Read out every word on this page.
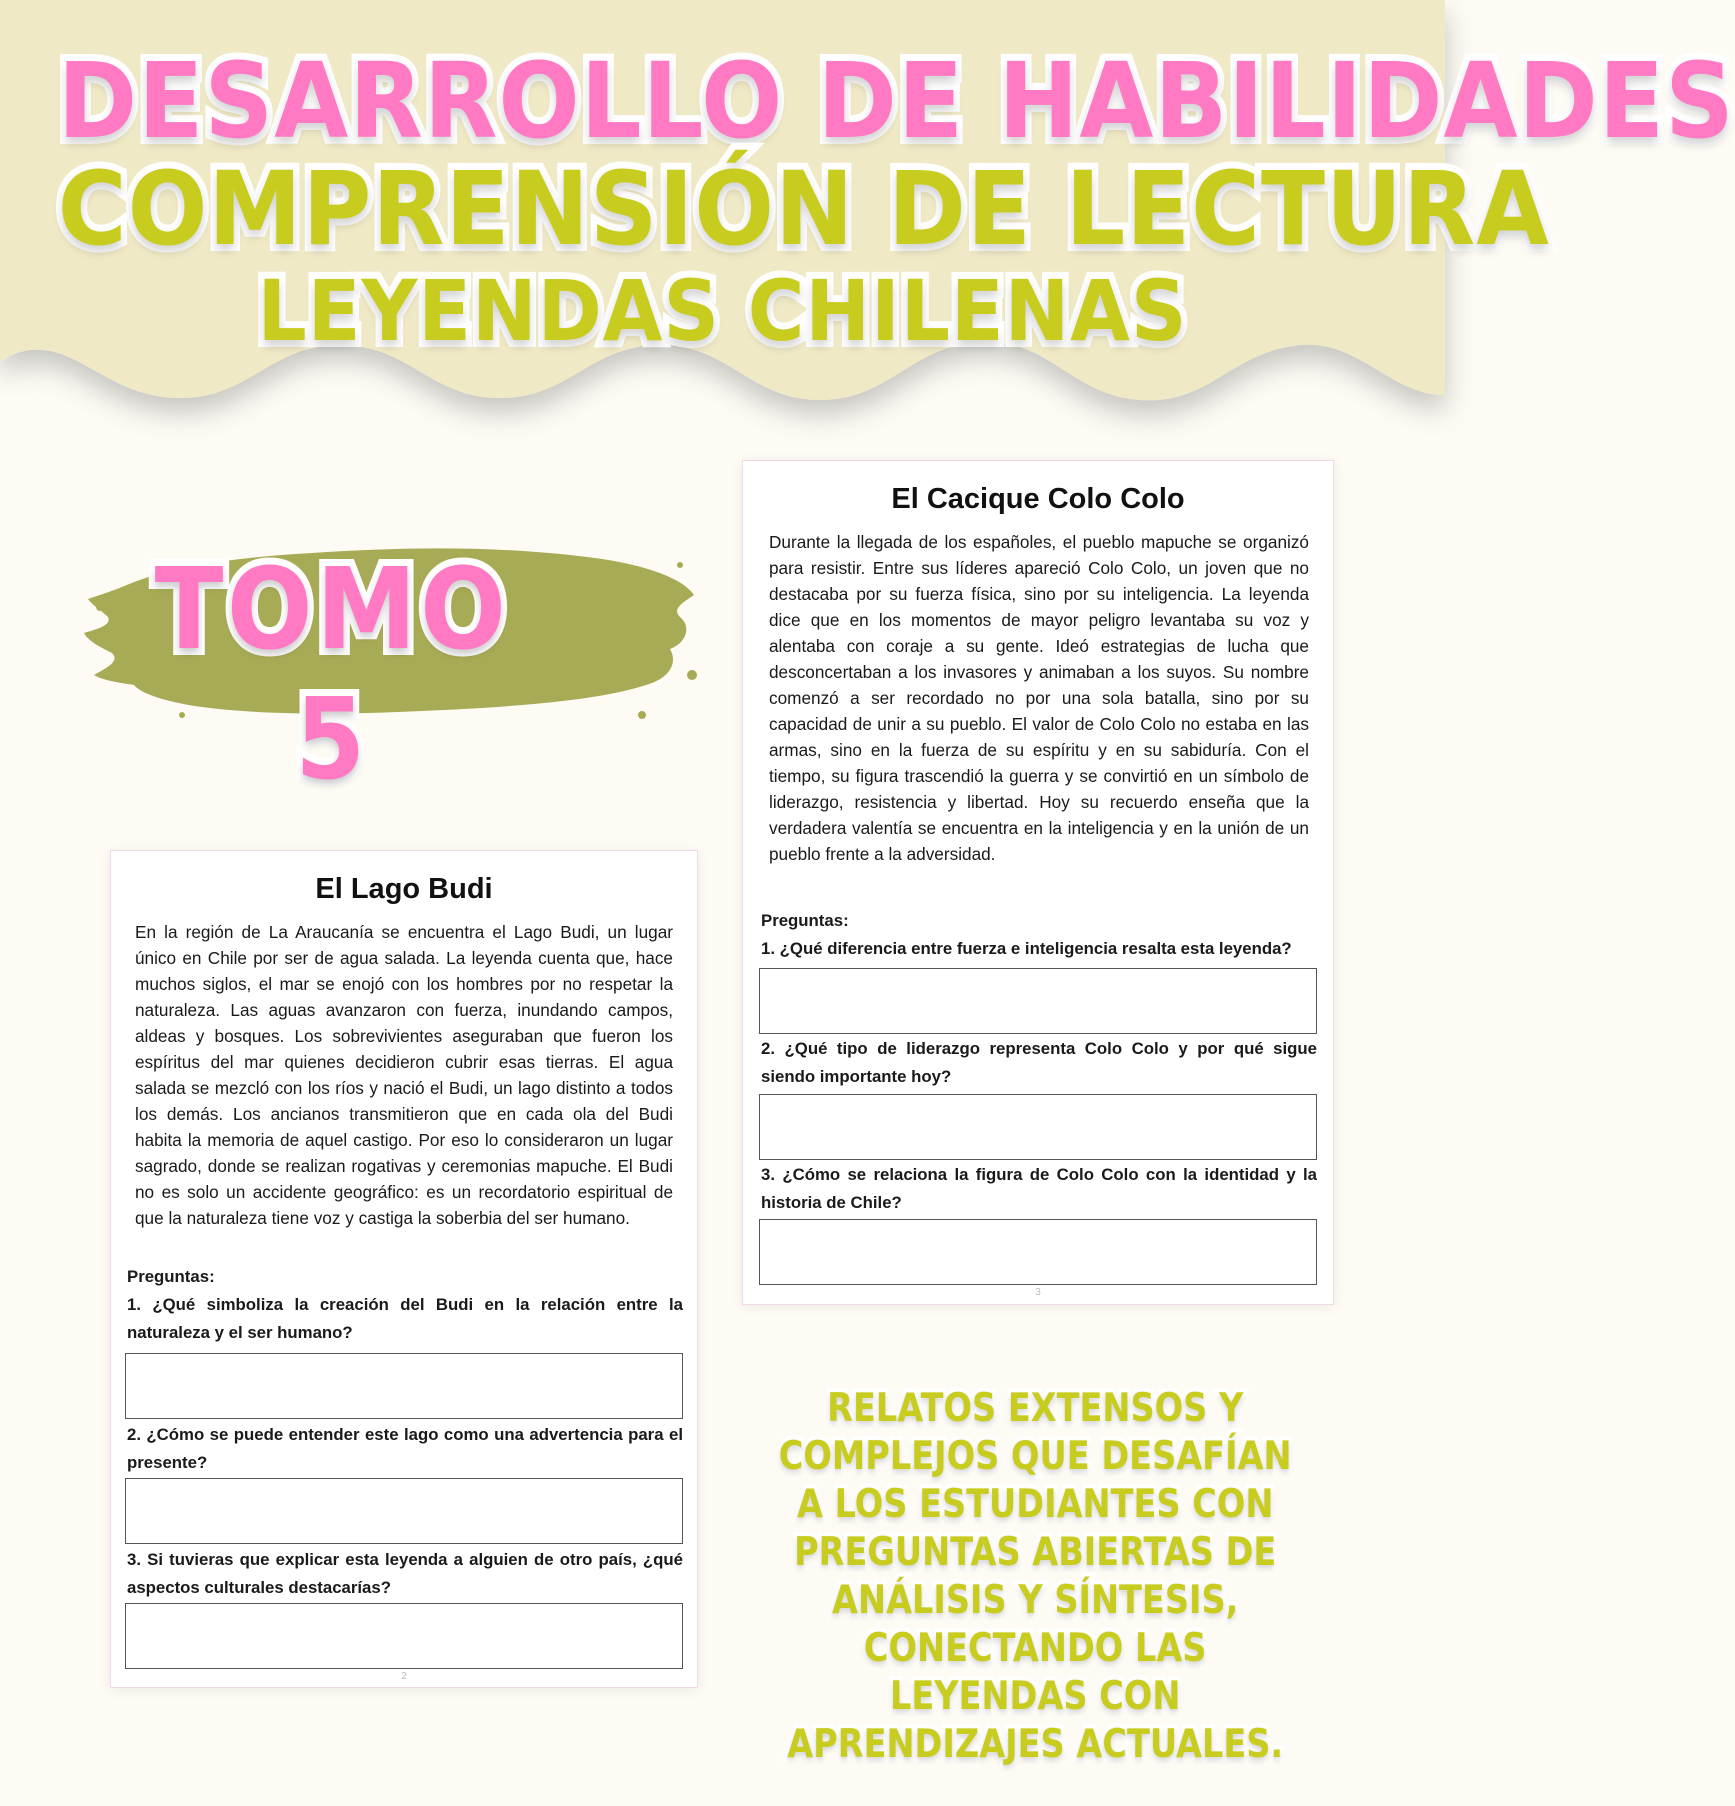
DESARROLLO DE HABILIDADES
COMPRENSIÓN DE LECTURA
LEYENDAS CHILENAS
TOMO 5
El Cacique Colo Colo

Durante la llegada de los españoles, el pueblo mapuche se organizó para resistir. Entre sus líderes apareció Colo Colo, un joven que no destacaba por su fuerza física, sino por su inteligencia. La leyenda dice que en los momentos de mayor peligro levantaba su voz y alentaba con coraje a su gente. Ideó estrategias de lucha que desconcertaban a los invasores y animaban a los suyos. Su nombre comenzó a ser recordado no por una sola batalla, sino por su capacidad de unir a su pueblo. El valor de Colo Colo no estaba en las armas, sino en la fuerza de su espíritu y en su sabiduría. Con el tiempo, su figura trascendió la guerra y se convirtió en un símbolo de liderazgo, resistencia y libertad. Hoy su recuerdo enseña que la verdadera valentía se encuentra en la inteligencia y en la unión de un pueblo frente a la adversidad.

Preguntas:
1. ¿Qué diferencia entre fuerza e inteligencia resalta esta leyenda?
2. ¿Qué tipo de liderazgo representa Colo Colo y por qué sigue siendo importante hoy?
3. ¿Cómo se relaciona la figura de Colo Colo con la identidad y la historia de Chile?
3
El Lago Budi

En la región de La Araucanía se encuentra el Lago Budi, un lugar único en Chile por ser de agua salada. La leyenda cuenta que, hace muchos siglos, el mar se enojó con los hombres por no respetar la naturaleza. Las aguas avanzaron con fuerza, inundando campos, aldeas y bosques. Los sobrevivientes aseguraban que fueron los espíritus del mar quienes decidieron cubrir esas tierras. El agua salada se mezcló con los ríos y nació el Budi, un lago distinto a todos los demás. Los ancianos transmitieron que en cada ola del Budi habita la memoria de aquel castigo. Por eso lo consideraron un lugar sagrado, donde se realizan rogativas y ceremonias mapuche. El Budi no es solo un accidente geográfico: es un recordatorio espiritual de que la naturaleza tiene voz y castiga la soberbia del ser humano.

Preguntas:
1. ¿Qué simboliza la creación del Budi en la relación entre la naturaleza y el ser humano?
2. ¿Cómo se puede entender este lago como una advertencia para el presente?
3. Si tuvieras que explicar esta leyenda a alguien de otro país, ¿qué aspectos culturales destacarías?
2
RELATOS EXTENSOS Y COMPLEJOS QUE DESAFÍAN A LOS ESTUDIANTES CON PREGUNTAS ABIERTAS DE ANÁLISIS Y SÍNTESIS, CONECTANDO LAS LEYENDAS CON APRENDIZAJES ACTUALES.
